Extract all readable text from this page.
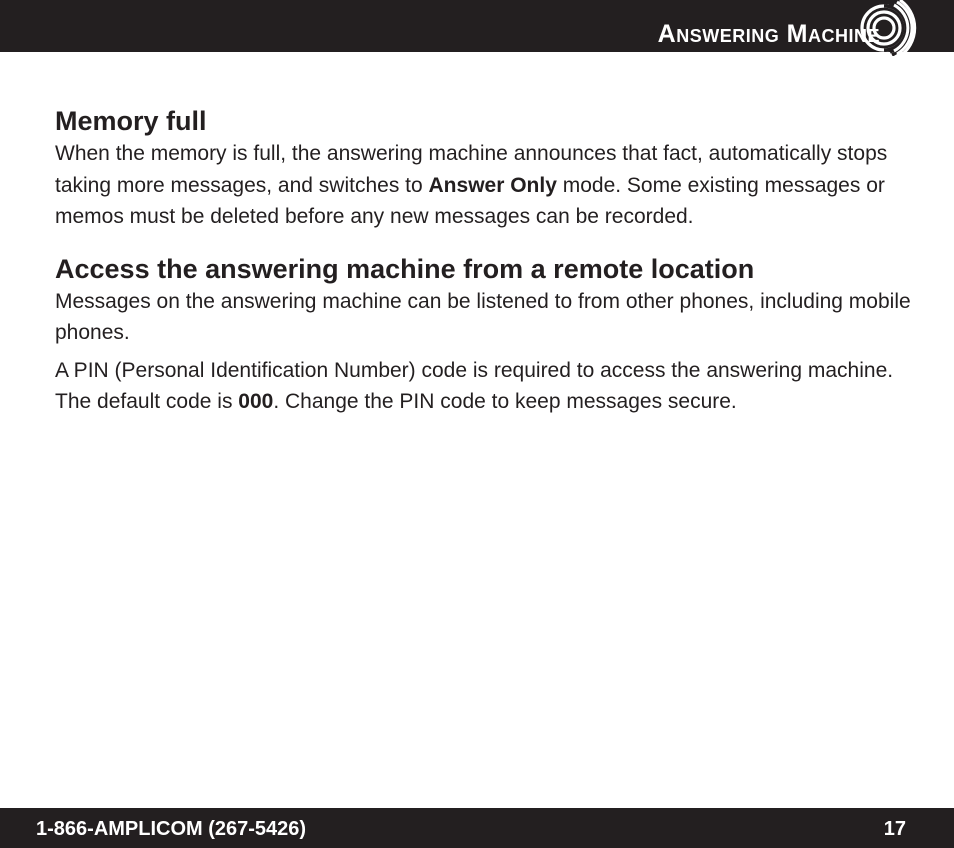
Answering Machine
Memory full

When the memory is full, the answering machine announces that fact, automatically stops taking more messages, and switches to Answer Only mode. Some existing messages or memos must be deleted before any new messages can be recorded.

Access the answering machine from a remote location

Messages on the answering machine can be listened to from other phones, including mobile phones.

A PIN (Personal Identification Number) code is required to access the answering machine. The default code is 000. Change the PIN code to keep messages secure.

1-866-AMPLICOM (267-5426)	17
